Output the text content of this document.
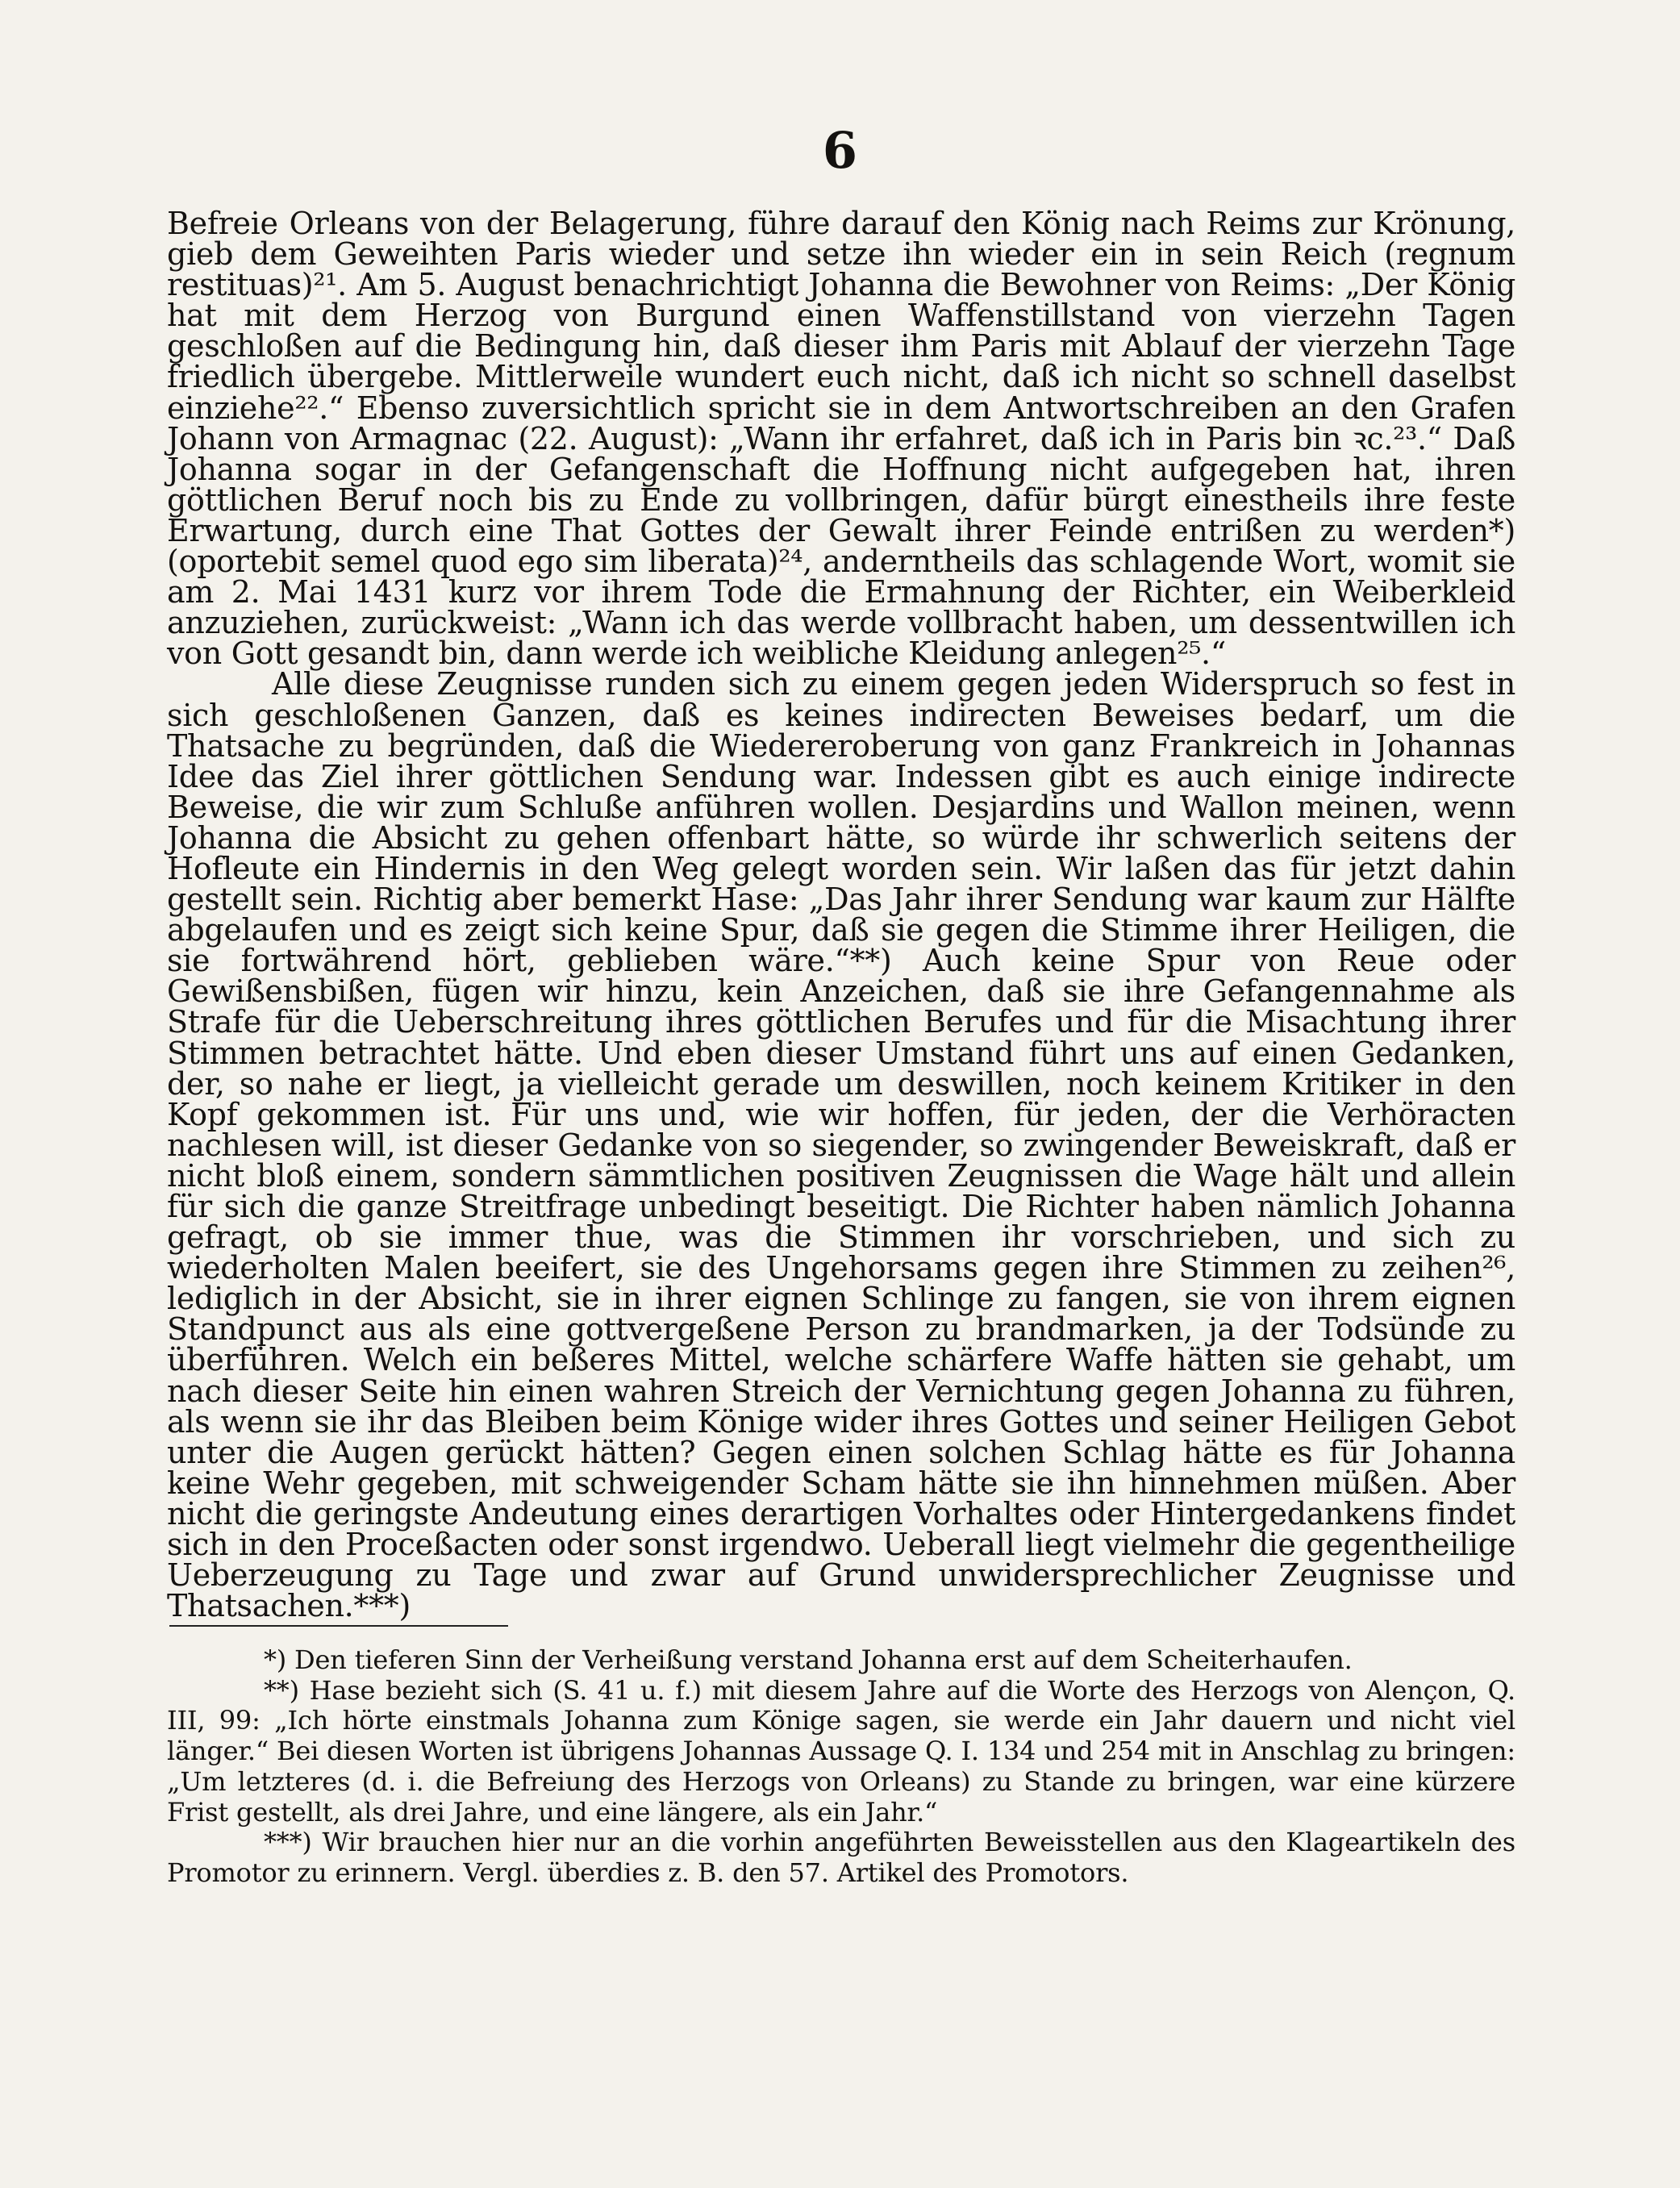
6

Befreie Orleans von der Belagerung, führe darauf den König nach Reims zur Krönung, gieb dem Geweihten Paris wieder und setze ihn wieder ein in sein Reich (regnum restituas)²¹. Am 5. August benachrichtigt Johanna die Bewohner von Reims: „Der König hat mit dem Herzog von Burgund einen Waffenstillstand von vierzehn Tagen geschloßen auf die Bedingung hin, daß dieser ihm Paris mit Ablauf der vierzehn Tage friedlich übergebe. Mittlerweile wundert euch nicht, daß ich nicht so schnell daselbst einziehe²².“ Ebenso zuversichtlich spricht sie in dem Antwortschreiben an den Grafen Johann von Armagnac (22. August): „Wann ihr erfahret, daß ich in Paris bin ꝛc.²³.“ Daß Johanna sogar in der Gefangenschaft die Hoffnung nicht aufgegeben hat, ihren göttlichen Beruf noch bis zu Ende zu vollbringen, dafür bürgt einestheils ihre feste Erwartung, durch eine That Gottes der Gewalt ihrer Feinde entrißen zu werden*) (oportebit semel quod ego sim liberata)²⁴, anderntheils das schlagende Wort, womit sie am 2. Mai 1431 kurz vor ihrem Tode die Ermahnung der Richter, ein Weiberkleid anzuziehen, zurückweist: „Wann ich das werde vollbracht haben, um dessentwillen ich von Gott gesandt bin, dann werde ich weibliche Kleidung anlegen²⁵.“

Alle diese Zeugnisse runden sich zu einem gegen jeden Widerspruch so fest in sich geschloßenen Ganzen, daß es keines indirecten Beweises bedarf, um die Thatsache zu begründen, daß die Wiedereroberung von ganz Frankreich in Johannas Idee das Ziel ihrer göttlichen Sendung war. Indessen gibt es auch einige indirecte Beweise, die wir zum Schluße anführen wollen. Desjardins und Wallon meinen, wenn Johanna die Absicht zu gehen offenbart hätte, so würde ihr schwerlich seitens der Hofleute ein Hindernis in den Weg gelegt worden sein. Wir laßen das für jetzt dahin gestellt sein. Richtig aber bemerkt Hase: „Das Jahr ihrer Sendung war kaum zur Hälfte abgelaufen und es zeigt sich keine Spur, daß sie gegen die Stimme ihrer Heiligen, die sie fortwährend hört, geblieben wäre.“**) Auch keine Spur von Reue oder Gewißensbißen, fügen wir hinzu, kein Anzeichen, daß sie ihre Gefangennahme als Strafe für die Ueberschreitung ihres göttlichen Berufes und für die Misachtung ihrer Stimmen betrachtet hätte. Und eben dieser Umstand führt uns auf einen Gedanken, der, so nahe er liegt, ja vielleicht gerade um deswillen, noch keinem Kritiker in den Kopf gekommen ist. Für uns und, wie wir hoffen, für jeden, der die Verhöracten nachlesen will, ist dieser Gedanke von so siegender, so zwingender Beweiskraft, daß er nicht bloß einem, sondern sämmtlichen positiven Zeugnissen die Wage hält und allein für sich die ganze Streitfrage unbedingt beseitigt. Die Richter haben nämlich Johanna gefragt, ob sie immer thue, was die Stimmen ihr vorschrieben, und sich zu wiederholten Malen beeifert, sie des Ungehorsams gegen ihre Stimmen zu zeihen²⁶, lediglich in der Absicht, sie in ihrer eignen Schlinge zu fangen, sie von ihrem eignen Standpunct aus als eine gottvergeßene Person zu brandmarken, ja der Todsünde zu überführen. Welch ein beßeres Mittel, welche schärfere Waffe hätten sie gehabt, um nach dieser Seite hin einen wahren Streich der Vernichtung gegen Johanna zu führen, als wenn sie ihr das Bleiben beim Könige wider ihres Gottes und seiner Heiligen Gebot unter die Augen gerückt hätten? Gegen einen solchen Schlag hätte es für Johanna keine Wehr gegeben, mit schweigender Scham hätte sie ihn hinnehmen müßen. Aber nicht die geringste Andeutung eines derartigen Vorhaltes oder Hintergedankens findet sich in den Proceßacten oder sonst irgendwo. Ueberall liegt vielmehr die gegentheilige Ueberzeugung zu Tage und zwar auf Grund unwidersprechlicher Zeugnisse und Thatsachen.***)

*) Den tieferen Sinn der Verheißung verstand Johanna erst auf dem Scheiterhaufen.

**) Hase bezieht sich (S. 41 u. f.) mit diesem Jahre auf die Worte des Herzogs von Alençon, Q. III, 99: „Ich hörte einstmals Johanna zum Könige sagen, sie werde ein Jahr dauern und nicht viel länger.“ Bei diesen Worten ist übrigens Johannas Aussage Q. I. 134 und 254 mit in Anschlag zu bringen: „Um letzteres (d. i. die Befreiung des Herzogs von Orleans) zu Stande zu bringen, war eine kürzere Frist gestellt, als drei Jahre, und eine längere, als ein Jahr.“

***) Wir brauchen hier nur an die vorhin angeführten Beweisstellen aus den Klageartikeln des Promotor zu erinnern. Vergl. überdies z. B. den 57. Artikel des Promotors.
